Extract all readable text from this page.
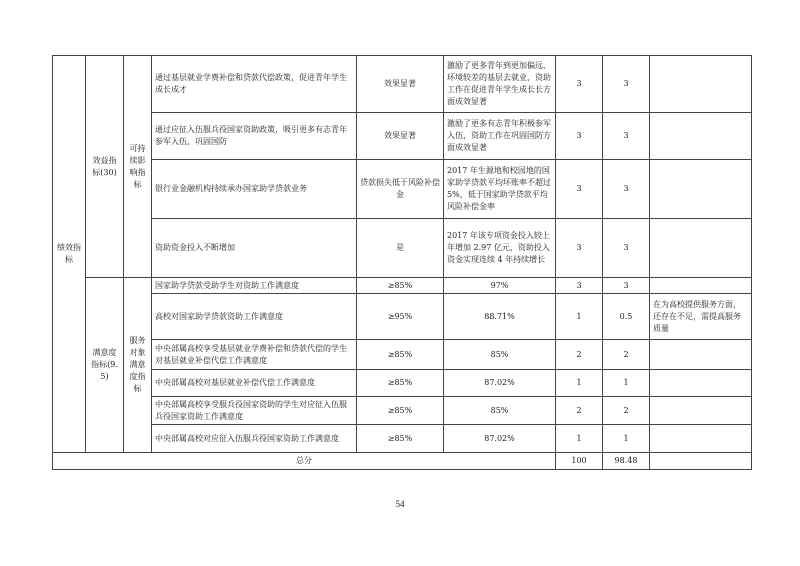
绩效指标	效益指标(30)	可持续影响指标	通过基层就业学费补偿和贷款代偿政策，促进青年学生成长成才	效果显著	激励了更多青年到更加偏远、环境较差的基层去就业，资助工作在促进青年学生成长长方面成效显著	3	3	
			通过应征入伍服兵役国家资助政策，吸引更多有志青年参军入伍，巩固国防	效果显著	激励了更多有志青年积极参军入伍，资助工作在巩固国防方面成效显著	3	3	
			银行业金融机构持续承办国家助学贷款业务	贷款损失低于风险补偿金	2017 年生源地和校园地的国家助学贷款平均坏账率不超过 5%，低于国家助学贷款平均风险补偿金率	3	3	
			资助资金投入不断增加	是	2017 年该专项资金投入较上年增加 2.97 亿元，资助投入资金实现连续 4 年持续增长	3	3	
	满意度指标(9.5)	服务对象满意度指标	国家助学贷款受助学生对资助工作满意度	≥85%	97%	3	3	
			高校对国家助学贷款资助工作满意度	≥95%	88.71%	1	0.5	在为高校提供服务方面，还存在不足，需提高服务质量
			中央部属高校享受基层就业学费补偿和贷款代偿的学生对基层就业补偿代偿工作满意度	≥85%	85%	2	2	
			中央部属高校对基层就业补偿代偿工作满意度	≥85%	87.02%	1	1	
			中央部属高校享受服兵役国家资助的学生对应征入伍服兵役国家资助工作满意度	≥85%	85%	2	2	
			中央部属高校对应征入伍服兵役国家资助工作满意度	≥85%	87.02%	1	1	
总分						100	98.48	
54
